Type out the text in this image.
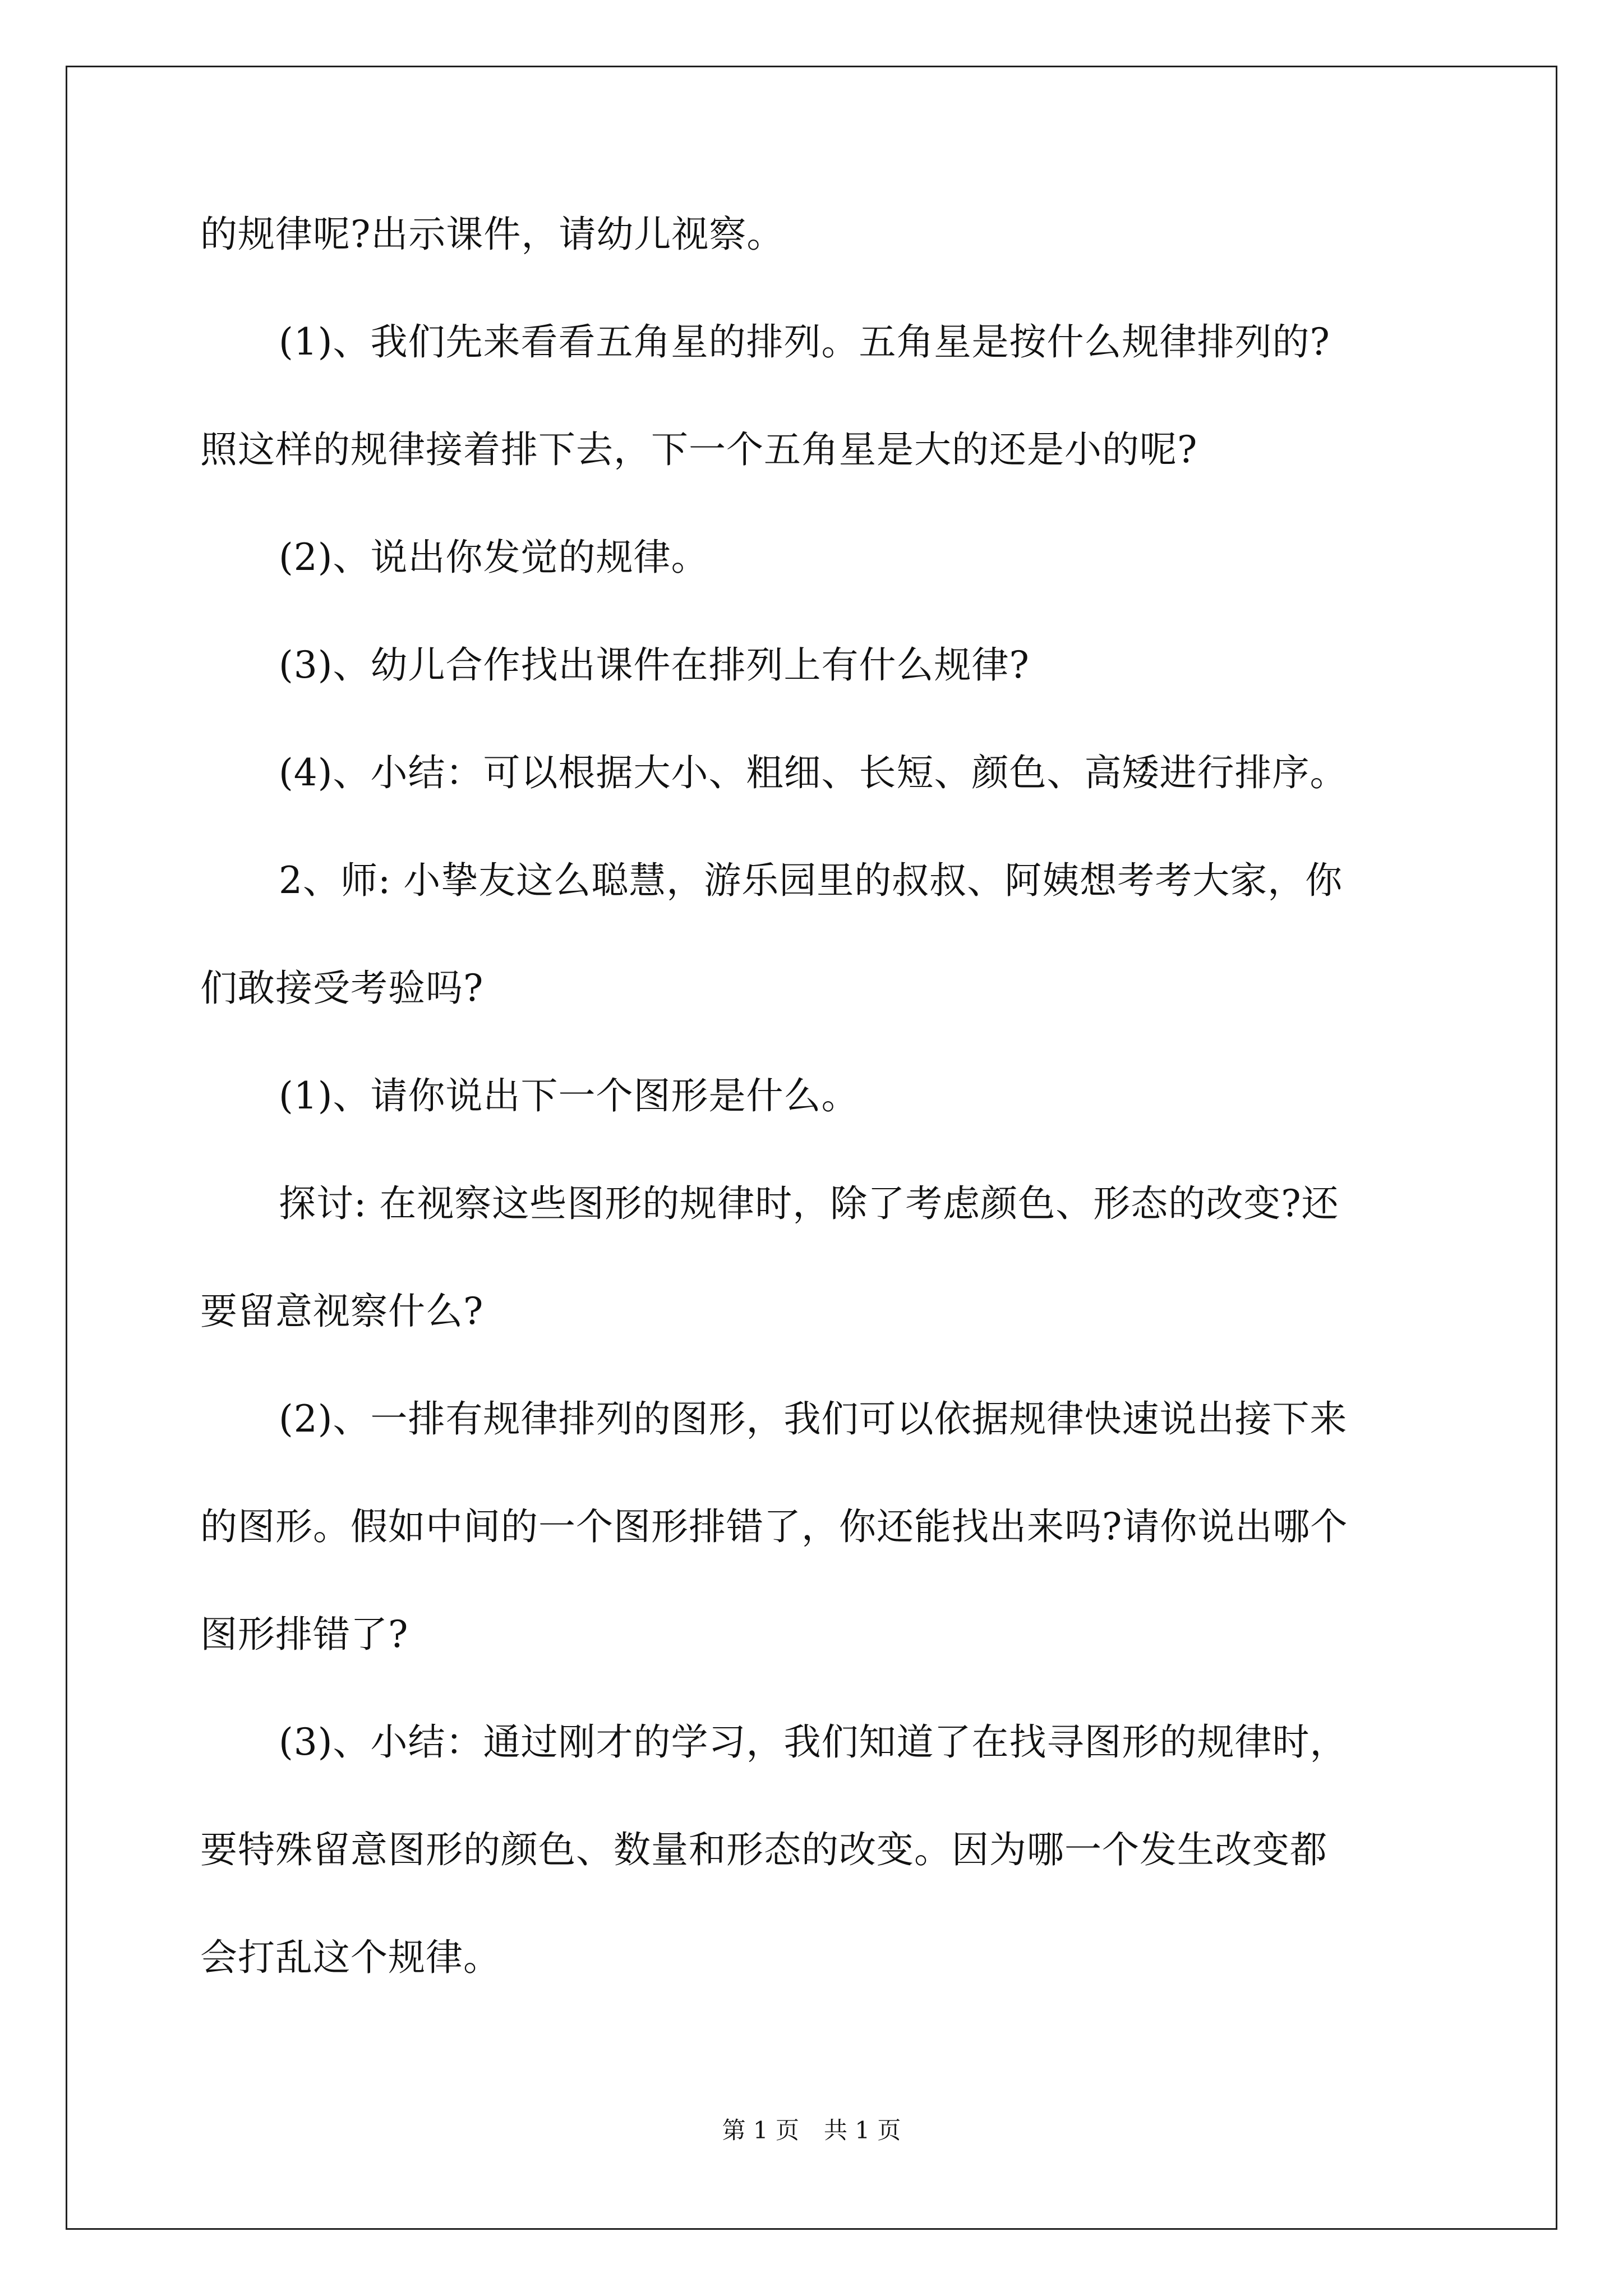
的规律呢?出示课件，请幼儿视察。

(1)、我们先来看看五角星的排列。五角星是按什么规律排列的?

照这样的规律接着排下去，下一个五角星是大的还是小的呢?

(2)、说出你发觉的规律。

(3)、幼儿合作找出课件在排列上有什么规律?

(4)、小结：可以根据大小、粗细、长短、颜色、高矮进行排序。

2、师: 小挚友这么聪慧，游乐园里的叔叔、阿姨想考考大家，你

们敢接受考验吗?

(1)、请你说出下一个图形是什么。

探讨: 在视察这些图形的规律时，除了考虑颜色、形态的改变?还

要留意视察什么?

(2)、一排有规律排列的图形，我们可以依据规律快速说出接下来

的图形。假如中间的一个图形排错了，你还能找出来吗?请你说出哪个

图形排错了?

(3)、小结：通过刚才的学习，我们知道了在找寻图形的规律时，

要特殊留意图形的颜色、数量和形态的改变。因为哪一个发生改变都

会打乱这个规律。

第 1 页 共 1 页
